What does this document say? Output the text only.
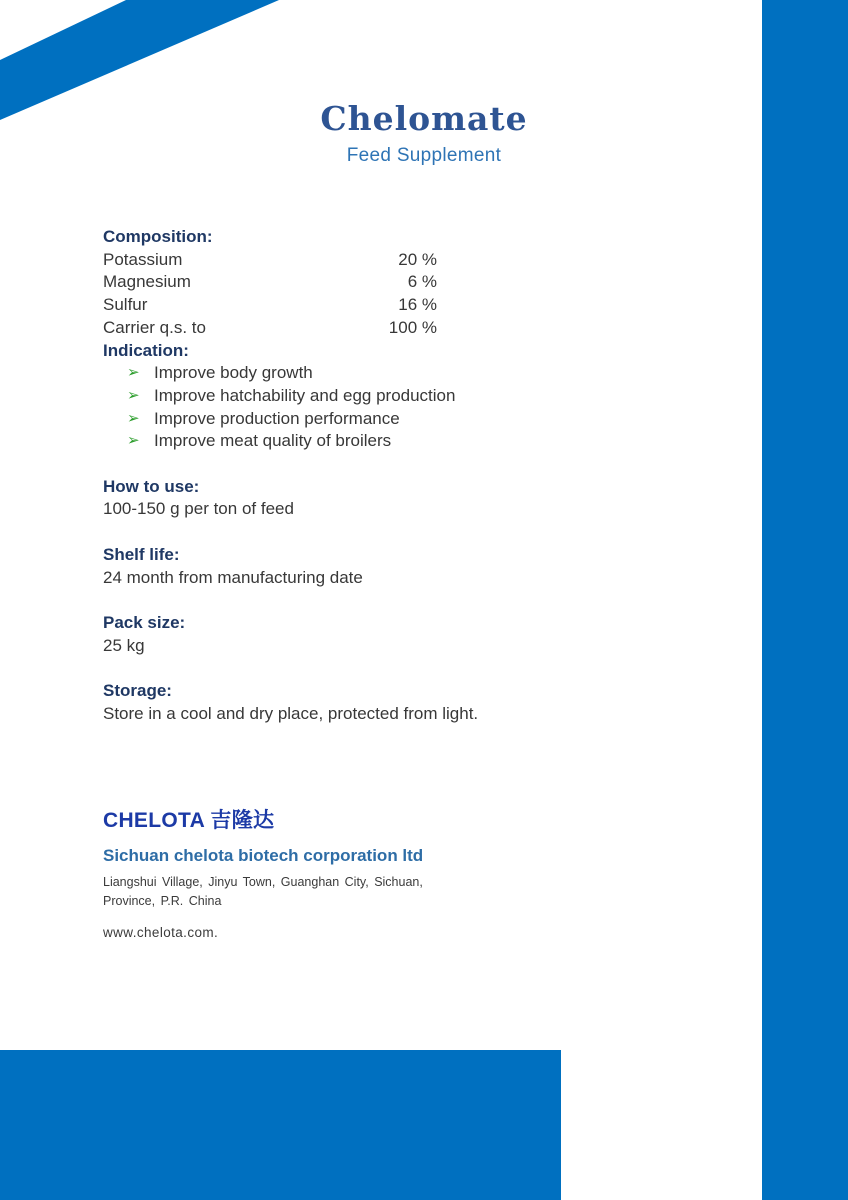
Chelomate
Feed Supplement
Composition:
Potassium	20 %
Magnesium	6 %
Sulfur	16 %
Carrier q.s. to	100 %
Indication:
➢ Improve body growth
➢ Improve hatchability and egg production
➢ Improve production performance
➢ Improve meat quality of broilers
How to use:
100-150 g per ton of feed
Shelf life:
24 month from manufacturing date
Pack size:
25 kg
Storage:
Store in a cool and dry place, protected from light.
CHELOTA 吉隆达
Sichuan chelota biotech corporation ltd
Liangshui Village, Jinyu Town, Guanghan City, Sichuan,
Province, P.R. China
www.chelota.com.
